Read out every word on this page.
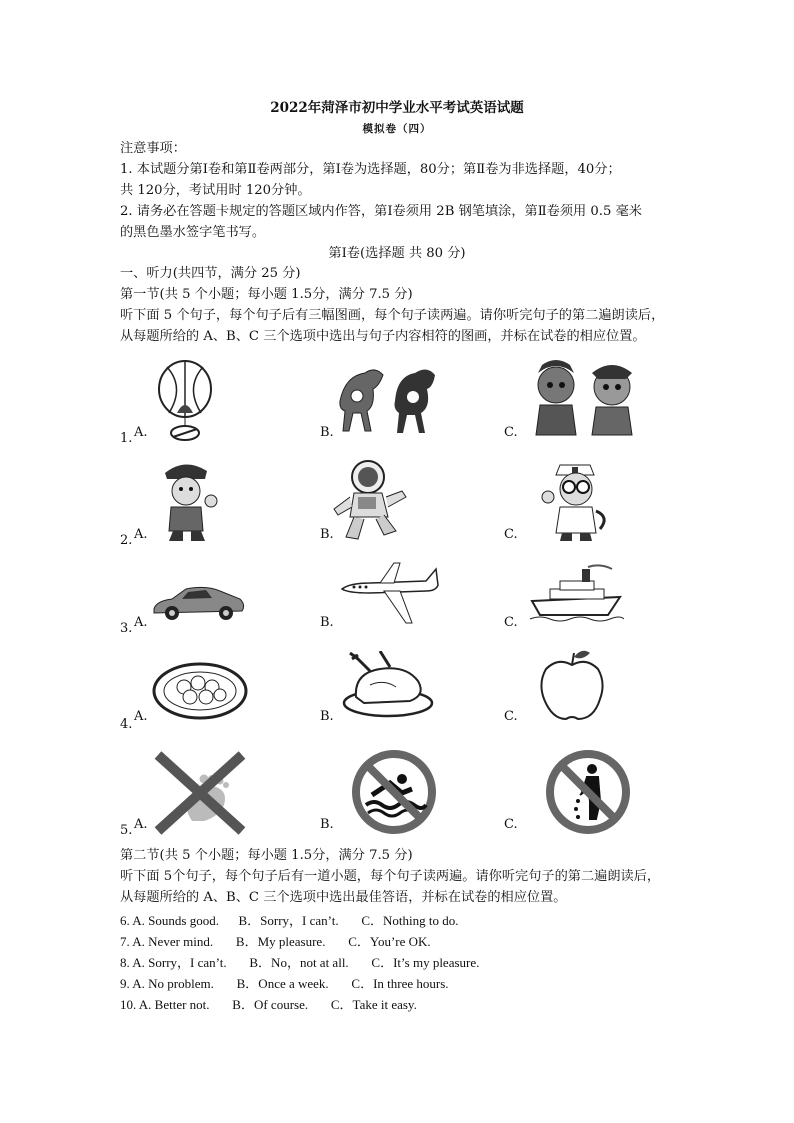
2022年菏泽市初中学业水平考试英语试题
模拟卷（四）
注意事项：
1. 本试题分第Ⅰ卷和第Ⅱ卷两部分，第Ⅰ卷为选择题，80分；第Ⅱ卷为非选择题，40分；
共 120分，考试用时 120分钟。
2. 请务必在答题卡规定的答题区域内作答，第Ⅰ卷须用 2B 钢笔填涂，第Ⅱ卷须用 0.5 毫米
的黑色墨水签字笔书写。
第Ⅰ卷(选择题 共 80 分)
一、听力(共四节，满分 25 分)
第一节(共 5 个小题；每小题 1.5分，满分 7.5 分)
听下面 5 个句子，每个句子后有三幅图画，每个句子读两遍。请你听完句子的第二遍朗读后，
从每题所给的 A、B、C 三个选项中选出与句子内容相符的图画，并标在试卷的相应位置。
1. A.	B.	C.
2. A.	B.	C.
3. A.	B.	C.
4.
A.	B.	C.
5. A.	B.	C.
第二节(共 5 个小题；每小题 1.5分，满分 7.5 分)
听下面 5个句子，每个句子后有一道小题，每个句子读两遍。请你听完句子的第二遍朗读后，
从每题所给的 A、B、C 三个选项中选出最佳答语，并标在试卷的相应位置。
6. A. Sounds good.      B．Sorry，I can’t.       C．Nothing to do.
7. A. Never mind.       B．My pleasure.       C．You’re OK.
8. A. Sorry，I can’t.       B．No，not at all.       C．It’s my pleasure.
9. A. No problem.       B．Once a week.       C．In three hours.
10. A. Better not.       B．Of course.       C．Take it easy.
